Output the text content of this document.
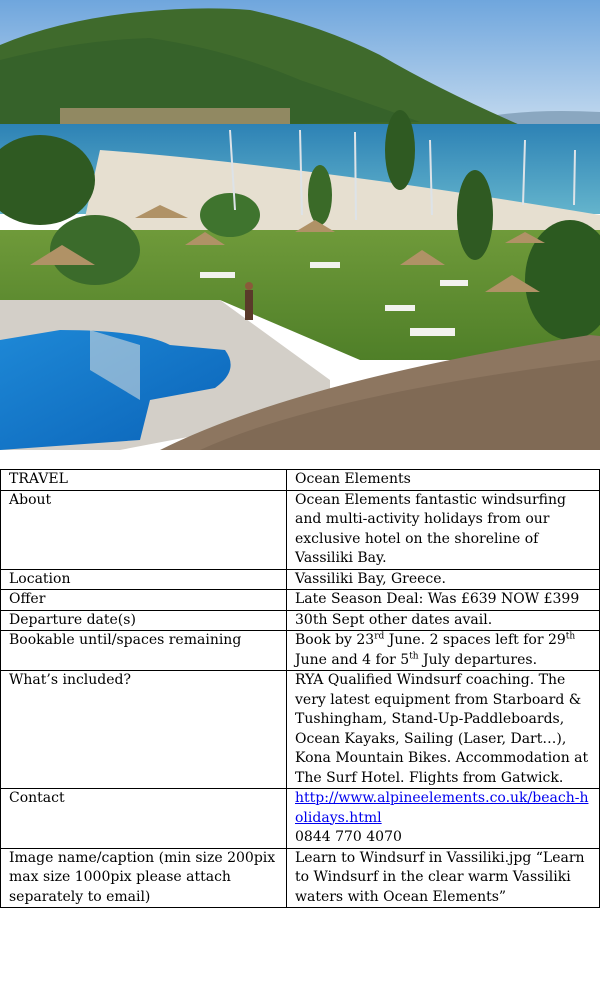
TRAVEL	Ocean Elements
About	Ocean Elements fantastic windsurfing and multi-activity holidays from our exclusive hotel on the shoreline of Vassiliki Bay.
Location	Vassiliki Bay, Greece.
Offer	Late Season Deal: Was £639 NOW £399
Departure date(s)	30th Sept other dates avail.
Bookable until/spaces remaining	Book by 23rd June. 2 spaces left for 29th June and 4 for 5th July departures.
What’s included?	RYA Qualified Windsurf coaching. The very latest equipment from Starboard & Tushingham, Stand-Up-Paddleboards, Ocean Kayaks, Sailing (Laser, Dart…), Kona Mountain Bikes. Accommodation at The Surf Hotel. Flights from Gatwick.
Contact	http://www.alpineelements.co.uk/beach-holidays.html
0844 770 4070
Image name/caption (min size 200pix max size 1000pix please attach separately to email)	Learn to Windsurf in Vassiliki.jpg “Learn to Windsurf in the clear warm Vassiliki waters with Ocean Elements”
